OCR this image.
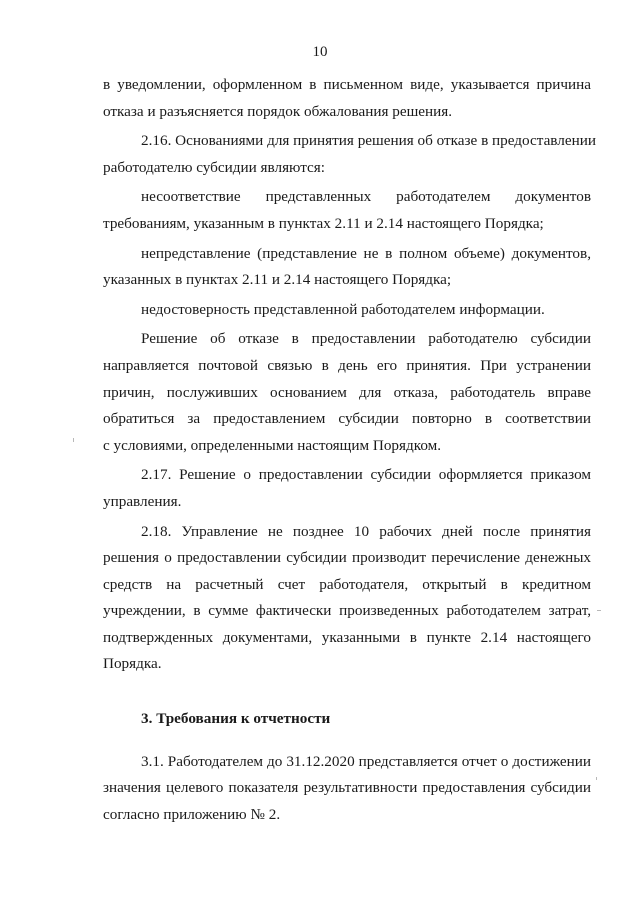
10
в уведомлении, оформленном в письменном виде, указывается причина
отказа и разъясняется порядок обжалования решения.
2.16. Основаниями для принятия решения об отказе в предоставлении
работодателю субсидии являются:
несоответствие представленных работодателем документов
требованиям, указанным в пунктах 2.11 и 2.14 настоящего Порядка;
непредставление (представление не в полном объеме) документов,
указанных в пунктах 2.11 и 2.14 настоящего Порядка;
недостоверность представленной работодателем информации.
Решение об отказе в предоставлении работодателю субсидии
направляется почтовой связью в день его принятия. При устранении
причин, послуживших основанием для отказа, работодатель вправе
обратиться за предоставлением субсидии повторно в соответствии
с условиями, определенными настоящим Порядком.
2.17. Решение о предоставлении субсидии оформляется приказом
управления.
2.18. Управление не позднее 10 рабочих дней после принятия
решения о предоставлении субсидии производит перечисление денежных
средств на расчетный счет работодателя, открытый в кредитном
учреждении, в сумме фактически произведенных работодателем затрат,
подтвержденных документами, указанными в пункте 2.14 настоящего
Порядка.
3. Требования к отчетности
3.1. Работодателем до 31.12.2020 представляется отчет о достижении
значения целевого показателя результативности предоставления субсидии
согласно приложению № 2.
